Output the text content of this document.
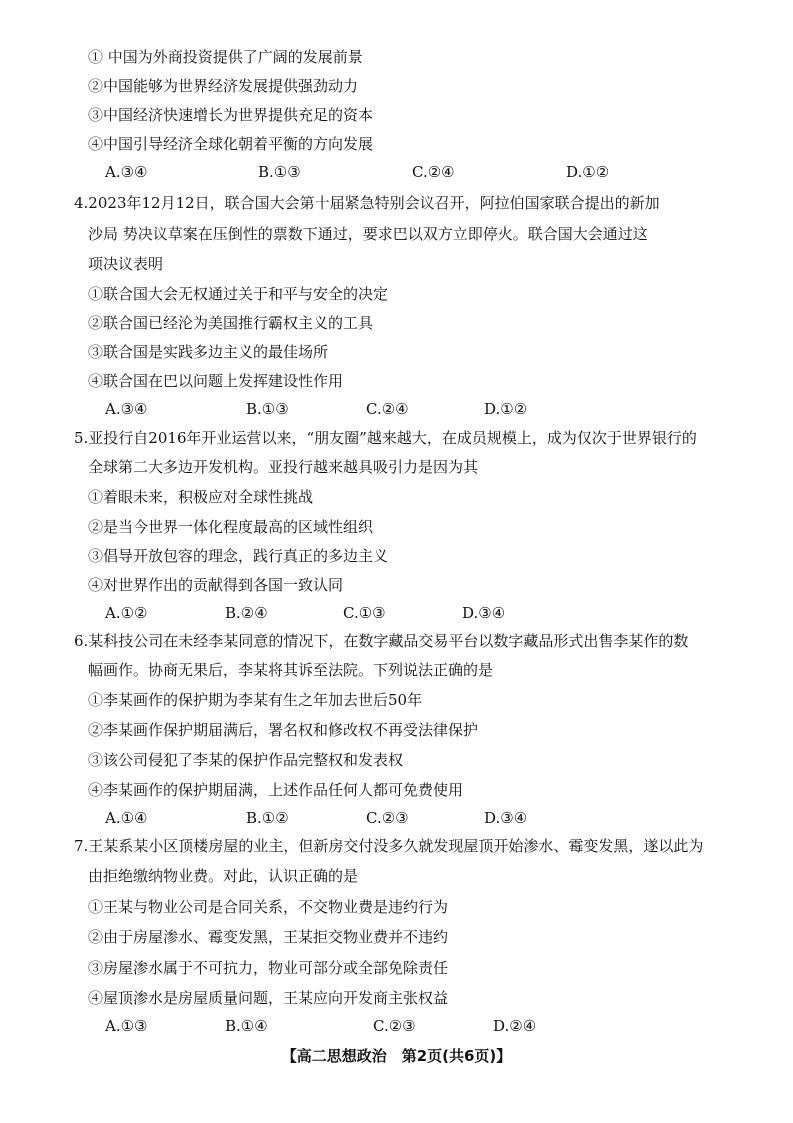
① 中国为外商投资提供了广阔的发展前景
②中国能够为世界经济发展提供强劲动力
③中国经济快速增长为世界提供充足的资本
④中国引导经济全球化朝着平衡的方向发展
A.③④	B.①③	C.②④	D.①②
4.2023年12月12日，联合国大会第十届紧急特别会议召开，阿拉伯国家联合提出的新加
沙局 势决议草案在压倒性的票数下通过，要求巴以双方立即停火。联合国大会通过这
项决议表明
①联合国大会无权通过关于和平与安全的决定
②联合国已经沦为美国推行霸权主义的工具
③联合国是实践多边主义的最佳场所
④联合国在巴以问题上发挥建设性作用
A.③④	B.①③	C.②④	D.①②
5.亚投行自2016年开业运营以来，“朋友圈”越来越大，在成员规模上，成为仅次于世界银行的
全球第二大多边开发机构。亚投行越来越具吸引力是因为其
①着眼未来，积极应对全球性挑战
②是当今世界一体化程度最高的区域性组织
③倡导开放包容的理念，践行真正的多边主义
④对世界作出的贡献得到各国一致认同
A.①②	B.②④	C.①③	D.③④
6.某科技公司在未经李某同意的情况下，在数字藏品交易平台以数字藏品形式出售李某作的数
幅画作。协商无果后，李某将其诉至法院。下列说法正确的是
①李某画作的保护期为李某有生之年加去世后50年
②李某画作保护期届满后，署名权和修改权不再受法律保护
③该公司侵犯了李某的保护作品完整权和发表权
④李某画作的保护期届满，上述作品任何人都可免费使用
A.①④	B.①②	C.②③	D.③④
7.王某系某小区顶楼房屋的业主，但新房交付没多久就发现屋顶开始渗水、霉变发黑，遂以此为
由拒绝缴纳物业费。对此，认识正确的是
①王某与物业公司是合同关系，不交物业费是违约行为
②由于房屋渗水、霉变发黑，王某拒交物业费并不违约
③房屋渗水属于不可抗力，物业可部分或全部免除责任
④屋顶渗水是房屋质量问题，王某应向开发商主张权益
A.①③	B.①④	C.②③	D.②④
【高二思想政治　第2页(共6页)】
